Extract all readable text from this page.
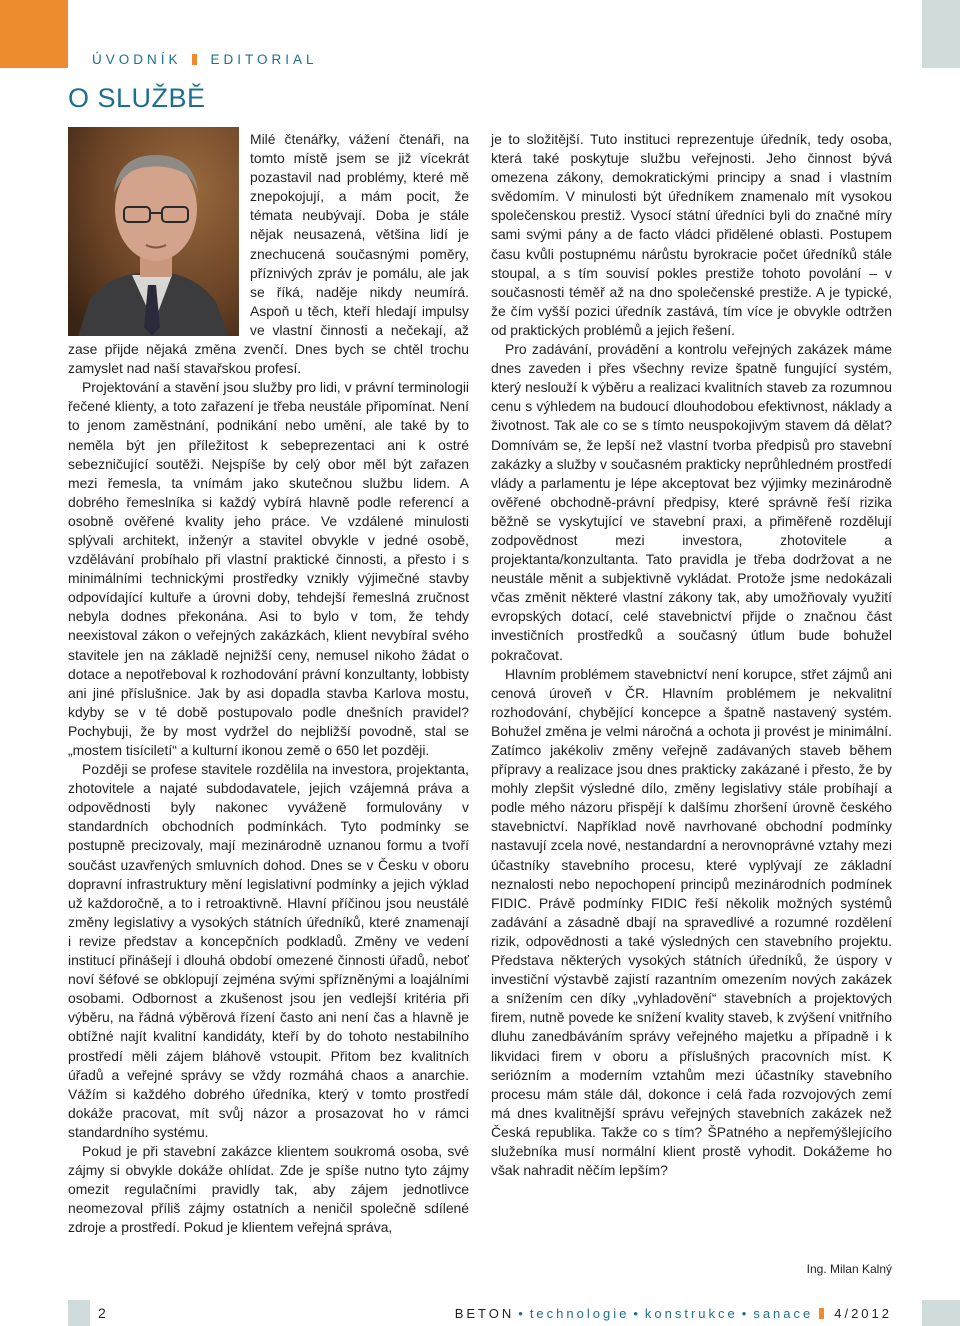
ÚVODNÍK EDITORIAL
O SLUŽBĚ

Milé čtenářky, vážení čtenáři, na tomto místě jsem se již vícekrát pozastavil nad problémy, které mě znepokojují, a mám pocit, že témata neubývají. Doba je stále nějak neusazená, většina lidí je znechucená současnými poměry, příznivých zpráv je pomálu, ale jak se říká, naděje nikdy neumírá. Aspoň u těch, kteří hledají impulsy ve vlastní činnosti a nečekají, až zase přijde nějaká změna zvenčí. Dnes bych se chtěl trochu zamyslet nad naší stavařskou profesí.

Projektování a stavění jsou služby pro lidi, v právní terminologii řečené klienty, a toto zařazení je třeba neustále připomínat. Není to jenom zaměstnání, podnikání nebo umění, ale také by to neměla být jen příležitost k sebeprezentaci ani k ostré sebezničující soutěži. Nejspíše by celý obor měl být zařazen mezi řemesla, ta vnímám jako skutečnou službu lidem. A dobrého řemeslníka si každý vybírá hlavně podle referencí a osobně ověřené kvality jeho práce. Ve vzdálené minulosti splývali architekt, inženýr a stavitel obvykle v jedné osobě, vzdělávání probíhalo při vlastní praktické činnosti, a přesto i s minimálními technickými prostředky vznikly výjimečné stavby odpovídající kultuře a úrovni doby, tehdejší řemeslná zručnost nebyla dodnes překonána. Asi to bylo v tom, že tehdy neexistoval zákon o veřejných zakázkách, klient nevybíral svého stavitele jen na základě nejnižší ceny, nemusel nikoho žádat o dotace a nepotřeboval k rozhodování právní konzultanty, lobbisty ani jiné příslušnice. Jak by asi dopadla stavba Karlova mostu, kdyby se v té době postupovalo podle dnešních pravidel? Pochybuji, že by most vydržel do nejbližší povodně, stal se „mostem tisíciletí“ a kulturní ikonou země o 650 let později.

Později se profese stavitele rozdělila na investora, projektanta, zhotovitele a najaté subdodavatele, jejich vzájemná práva a odpovědnosti byly nakonec vyváženě formulovány v standardních obchodních podmínkách. Tyto podmínky se postupně precizovaly, mají mezinárodně uznanou formu a tvoří součást uzavřených smluvních dohod. Dnes se v Česku v oboru dopravní infrastruktury mění legislativní podmínky a jejich výklad už každoročně, a to i retroaktivně. Hlavní příčinou jsou neustálé změny legislativy a vysokých státních úředníků, které znamenají i revize představ a koncepčních podkladů. Změny ve vedení institucí přinášejí i dlouhá období omezené činnosti úřadů, neboť noví šéfové se obklopují zejména svými spřízněnými a loajálními osobami. Odbornost a zkušenost jsou jen vedlejší kritéria při výběru, na řádná výběrová řízení často ani není čas a hlavně je obtížné najít kvalitní kandidáty, kteří by do tohoto nestabilního prostředí měli zájem bláhově vstoupit. Přitom bez kvalitních úřadů a veřejné správy se vždy rozmáhá chaos a anarchie. Vážím si každého dobrého úředníka, který v tomto prostředí dokáže pracovat, mít svůj názor a prosazovat ho v rámci standardního systému.

Pokud je při stavební zakázce klientem soukromá osoba, své zájmy si obvykle dokáže ohlídat. Zde je spíše nutno tyto zájmy omezit regulačními pravidly tak, aby zájem jednotlivce neomezoval příliš zájmy ostatních a neničil společně sdílené zdroje a prostředí. Pokud je klientem veřejná správa,

je to složitější. Tuto instituci reprezentuje úředník, tedy osoba, která také poskytuje službu veřejnosti. Jeho činnost bývá omezena zákony, demokratickými principy a snad i vlastním svědomím. V minulosti být úředníkem znamenalo mít vysokou společenskou prestiž. Vysocí státní úředníci byli do značné míry sami svými pány a de facto vládci přidělené oblasti. Postupem času kvůli postupnému nárůstu byrokracie počet úředníků stále stoupal, a s tím souvisí pokles prestiže tohoto povolání – v současnosti téměř až na dno společenské prestiže. A je typické, že čím vyšší pozici úředník zastává, tím více je obvykle odtržen od praktických problémů a jejich řešení.

Pro zadávání, provádění a kontrolu veřejných zakázek máme dnes zaveden i přes všechny revize špatně fungující systém, který neslouží k výběru a realizaci kvalitních staveb za rozumnou cenu s výhledem na budoucí dlouhodobou efektivnost, náklady a životnost. Tak ale co se s tímto neuspokojivým stavem dá dělat? Domnívám se, že lepší než vlastní tvorba předpisů pro stavební zakázky a služby v současném prakticky neprůhledném prostředí vlády a parlamentu je lépe akceptovat bez výjimky mezinárodně ověřené obchodně-právní předpisy, které správně řeší rizika běžně se vyskytující ve stavební praxi, a přiměřeně rozdělují zodpovědnost mezi investora, zhotovitele a projektanta/konzultanta. Tato pravidla je třeba dodržovat a ne neustále měnit a subjektivně vykládat. Protože jsme nedokázali včas změnit některé vlastní zákony tak, aby umožňovaly využití evropských dotací, celé stavebnictví přijde o značnou část investičních prostředků a současný útlum bude bohužel pokračovat.

Hlavním problémem stavebnictví není korupce, střet zájmů ani cenová úroveň v ČR. Hlavním problémem je nekvalitní rozhodování, chybějící koncepce a špatně nastavený systém. Bohužel změna je velmi náročná a ochota ji provést je minimální. Zatímco jakékoliv změny veřejně zadávaných staveb během přípravy a realizace jsou dnes prakticky zakázané i přesto, že by mohly zlepšit výsledné dílo, změny legislativy stále probíhají a podle mého názoru přispějí k dalšímu zhoršení úrovně českého stavebnictví. Například nově navrhované obchodní podmínky nastavují zcela nové, nestandardní a nerovnoprávné vztahy mezi účastníky stavebního procesu, které vyplývají ze základní neznalosti nebo nepochopení principů mezinárodních podmínek FIDIC. Právě podmínky FIDIC řeší několik možných systémů zadávání a zásadně dbají na spravedlivé a rozumné rozdělení rizik, odpovědnosti a také výsledných cen stavebního projektu. Představa některých vysokých státních úředníků, že úspory v investiční výstavbě zajistí razantním omezením nových zakázek a snížením cen díky „vyhladovění“ stavebních a projektových firem, nutně povede ke snížení kvality staveb, k zvýšení vnitřního dluhu zanedbáváním správy veřejného majetku a případně i k likvidaci firem v oboru a příslušných pracovních míst. K seriózním a moderním vztahům mezi účastníky stavebního procesu mám stále dál, dokonce i celá řada rozvojových zemí má dnes kvalitnější správu veřejných stavebních zakázek než Česká republika. Takže co s tím? ŠPatného a nepřemýšlejícího služebníka musí normální klient prostě vyhodit. Dokážeme ho však nahradit něčím lepším?

Ing. Milan Kalný
2	BETON • technologie • konstrukce • sanace 4/2012
